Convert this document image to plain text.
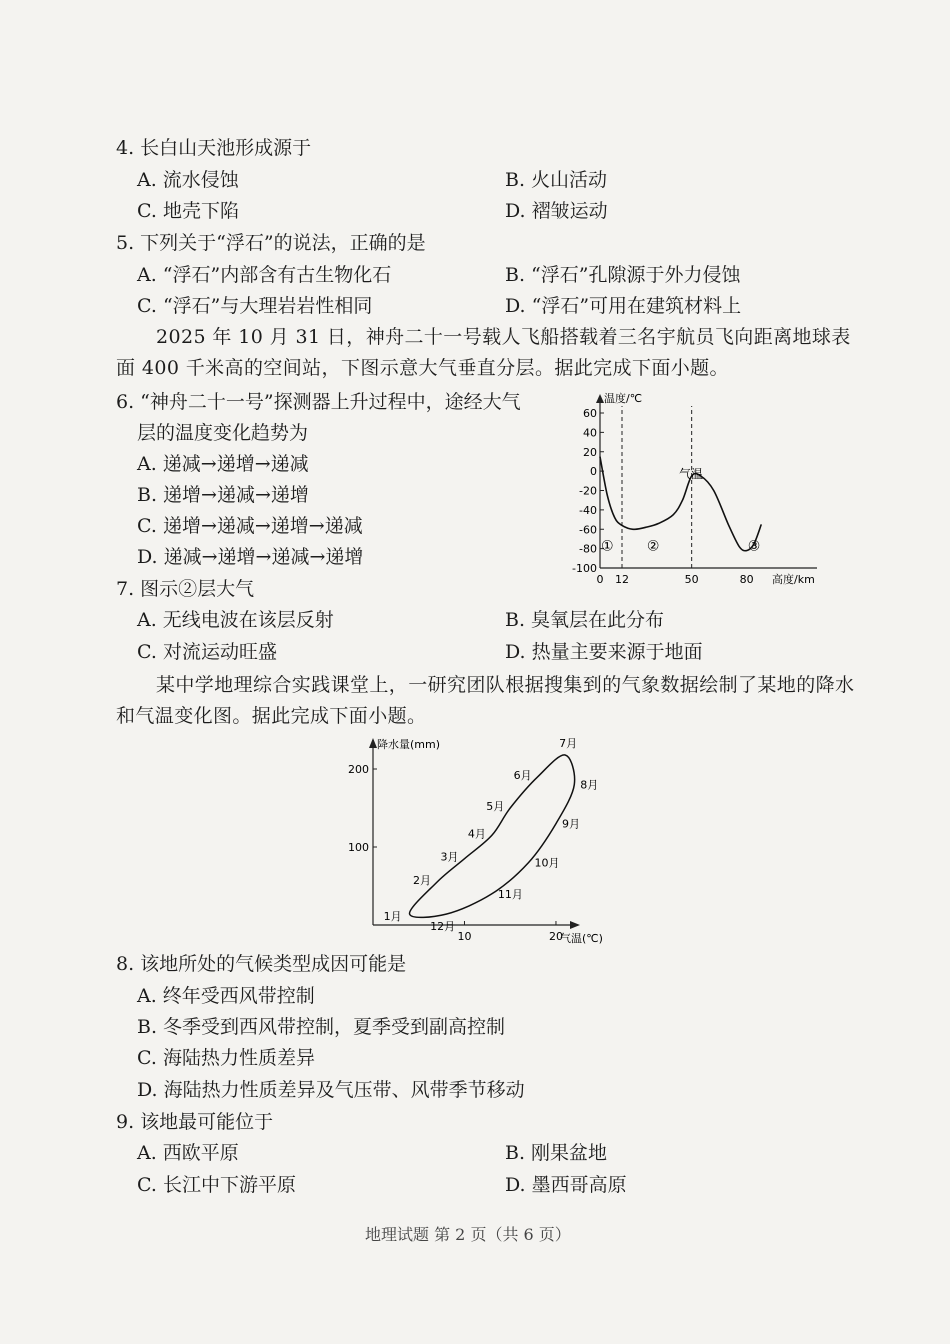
4. 长白山天池形成源于
A. 流水侵蚀	B. 火山活动
C. 地壳下陷	D. 褶皱运动
5. 下列关于“浮石”的说法，正确的是
A. “浮石”内部含有古生物化石	B. “浮石”孔隙源于外力侵蚀
C. “浮石”与大理岩岩性相同	D. “浮石”可用在建筑材料上
2025 年 10 月 31 日，神舟二十一号载人飞船搭载着三名宇航员飞向距离地球表面 400 千米高的空间站，下图示意大气垂直分层。据此完成下面小题。
6. “神舟二十一号”探测器上升过程中，途经大气
层的温度变化趋势为
A. 递减→递增→递减
B. 递增→递减→递增
C. 递增→递减→递增→递减
D. 递减→递增→递减→递增
温度/℃
高度/km
60
40
20
0
-20
-40
-60
-80
-100
0 12	50	80
气温
① ②	③
7. 图示②层大气
A. 无线电波在该层反射	B. 臭氧层在此分布
C. 对流运动旺盛	D. 热量主要来源于地面
某中学地理综合实践课堂上，一研究团队根据搜集到的气象数据绘制了某地的降水和气温变化图。据此完成下面小题。
降水量(mm)
气温(℃)
100
200
10	20
1月
2月
3月
4月
5月
6月
7月
8月
9月
10月
11月
12月
8. 该地所处的气候类型成因可能是
A. 终年受西风带控制
B. 冬季受到西风带控制，夏季受到副高控制
C. 海陆热力性质差异
D. 海陆热力性质差异及气压带、风带季节移动
9. 该地最可能位于
A. 西欧平原	B. 刚果盆地
C. 长江中下游平原	D. 墨西哥高原
地理试题 第 2 页（共 6 页）
